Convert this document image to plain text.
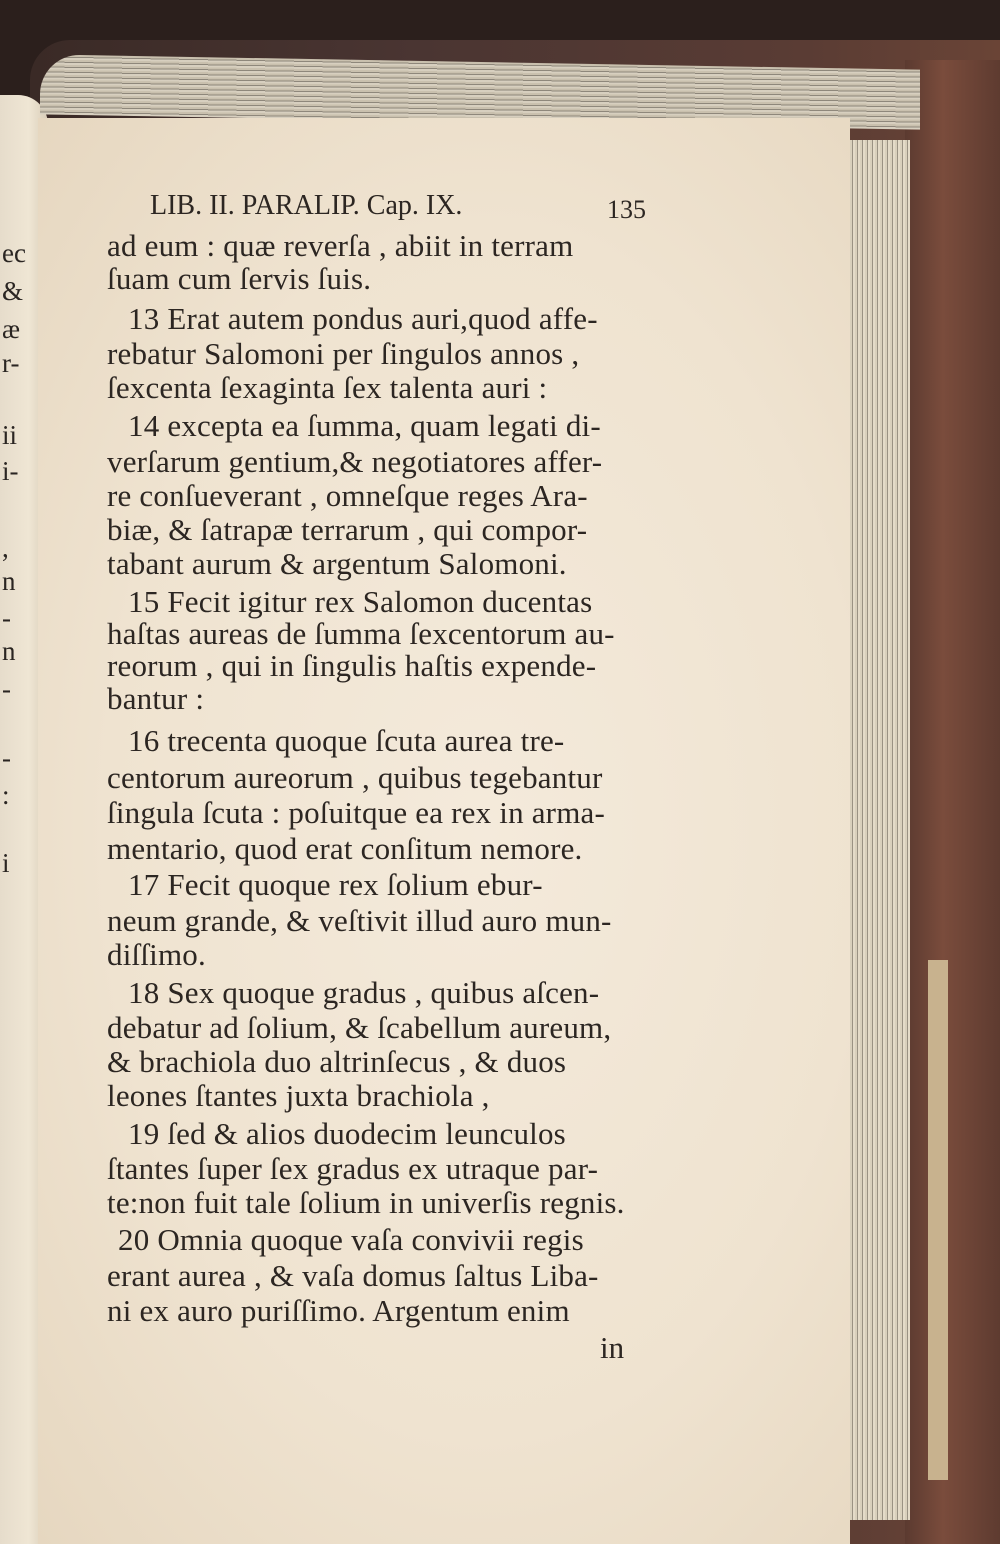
ec
&
æ
r-
ii
i-
,
n
-
n
-
-
:
i
LIB. II. PARALIP. Cap. IX.	135
ad eum : quæ reverſa , abiit in terram
ſuam cum ſervis ſuis.
13 Erat autem pondus auri,quod affe-
rebatur Salomoni per ſingulos annos ,
ſexcenta ſexaginta ſex talenta auri :
14 excepta ea ſumma, quam legati di-
verſarum gentium,& negotiatores affer-
re conſueverant , omneſque reges Ara-
biæ, & ſatrapæ terrarum , qui compor-
tabant aurum & argentum Salomoni.
15 Fecit igitur rex Salomon ducentas
haſtas aureas de ſumma ſexcentorum au-
reorum , qui in ſingulis haſtis expende-
bantur :
16 trecenta quoque ſcuta aurea tre-
centorum aureorum , quibus tegebantur
ſingula ſcuta : poſuitque ea rex in arma-
mentario, quod erat conſitum nemore.
17 Fecit quoque rex ſolium ebur-
neum grande, & veſtivit illud auro mun-
diſſimo.
18 Sex quoque gradus , quibus aſcen-
debatur ad ſolium, & ſcabellum aureum,
& brachiola duo altrinſecus , & duos
leones ſtantes juxta brachiola ,
19 ſed & alios duodecim leunculos
ſtantes ſuper ſex gradus ex utraque par-
te:non fuit tale ſolium in univerſis regnis.
20 Omnia quoque vaſa convivii regis
erant aurea , & vaſa domus ſaltus Liba-
ni ex auro puriſſimo. Argentum enim
in
